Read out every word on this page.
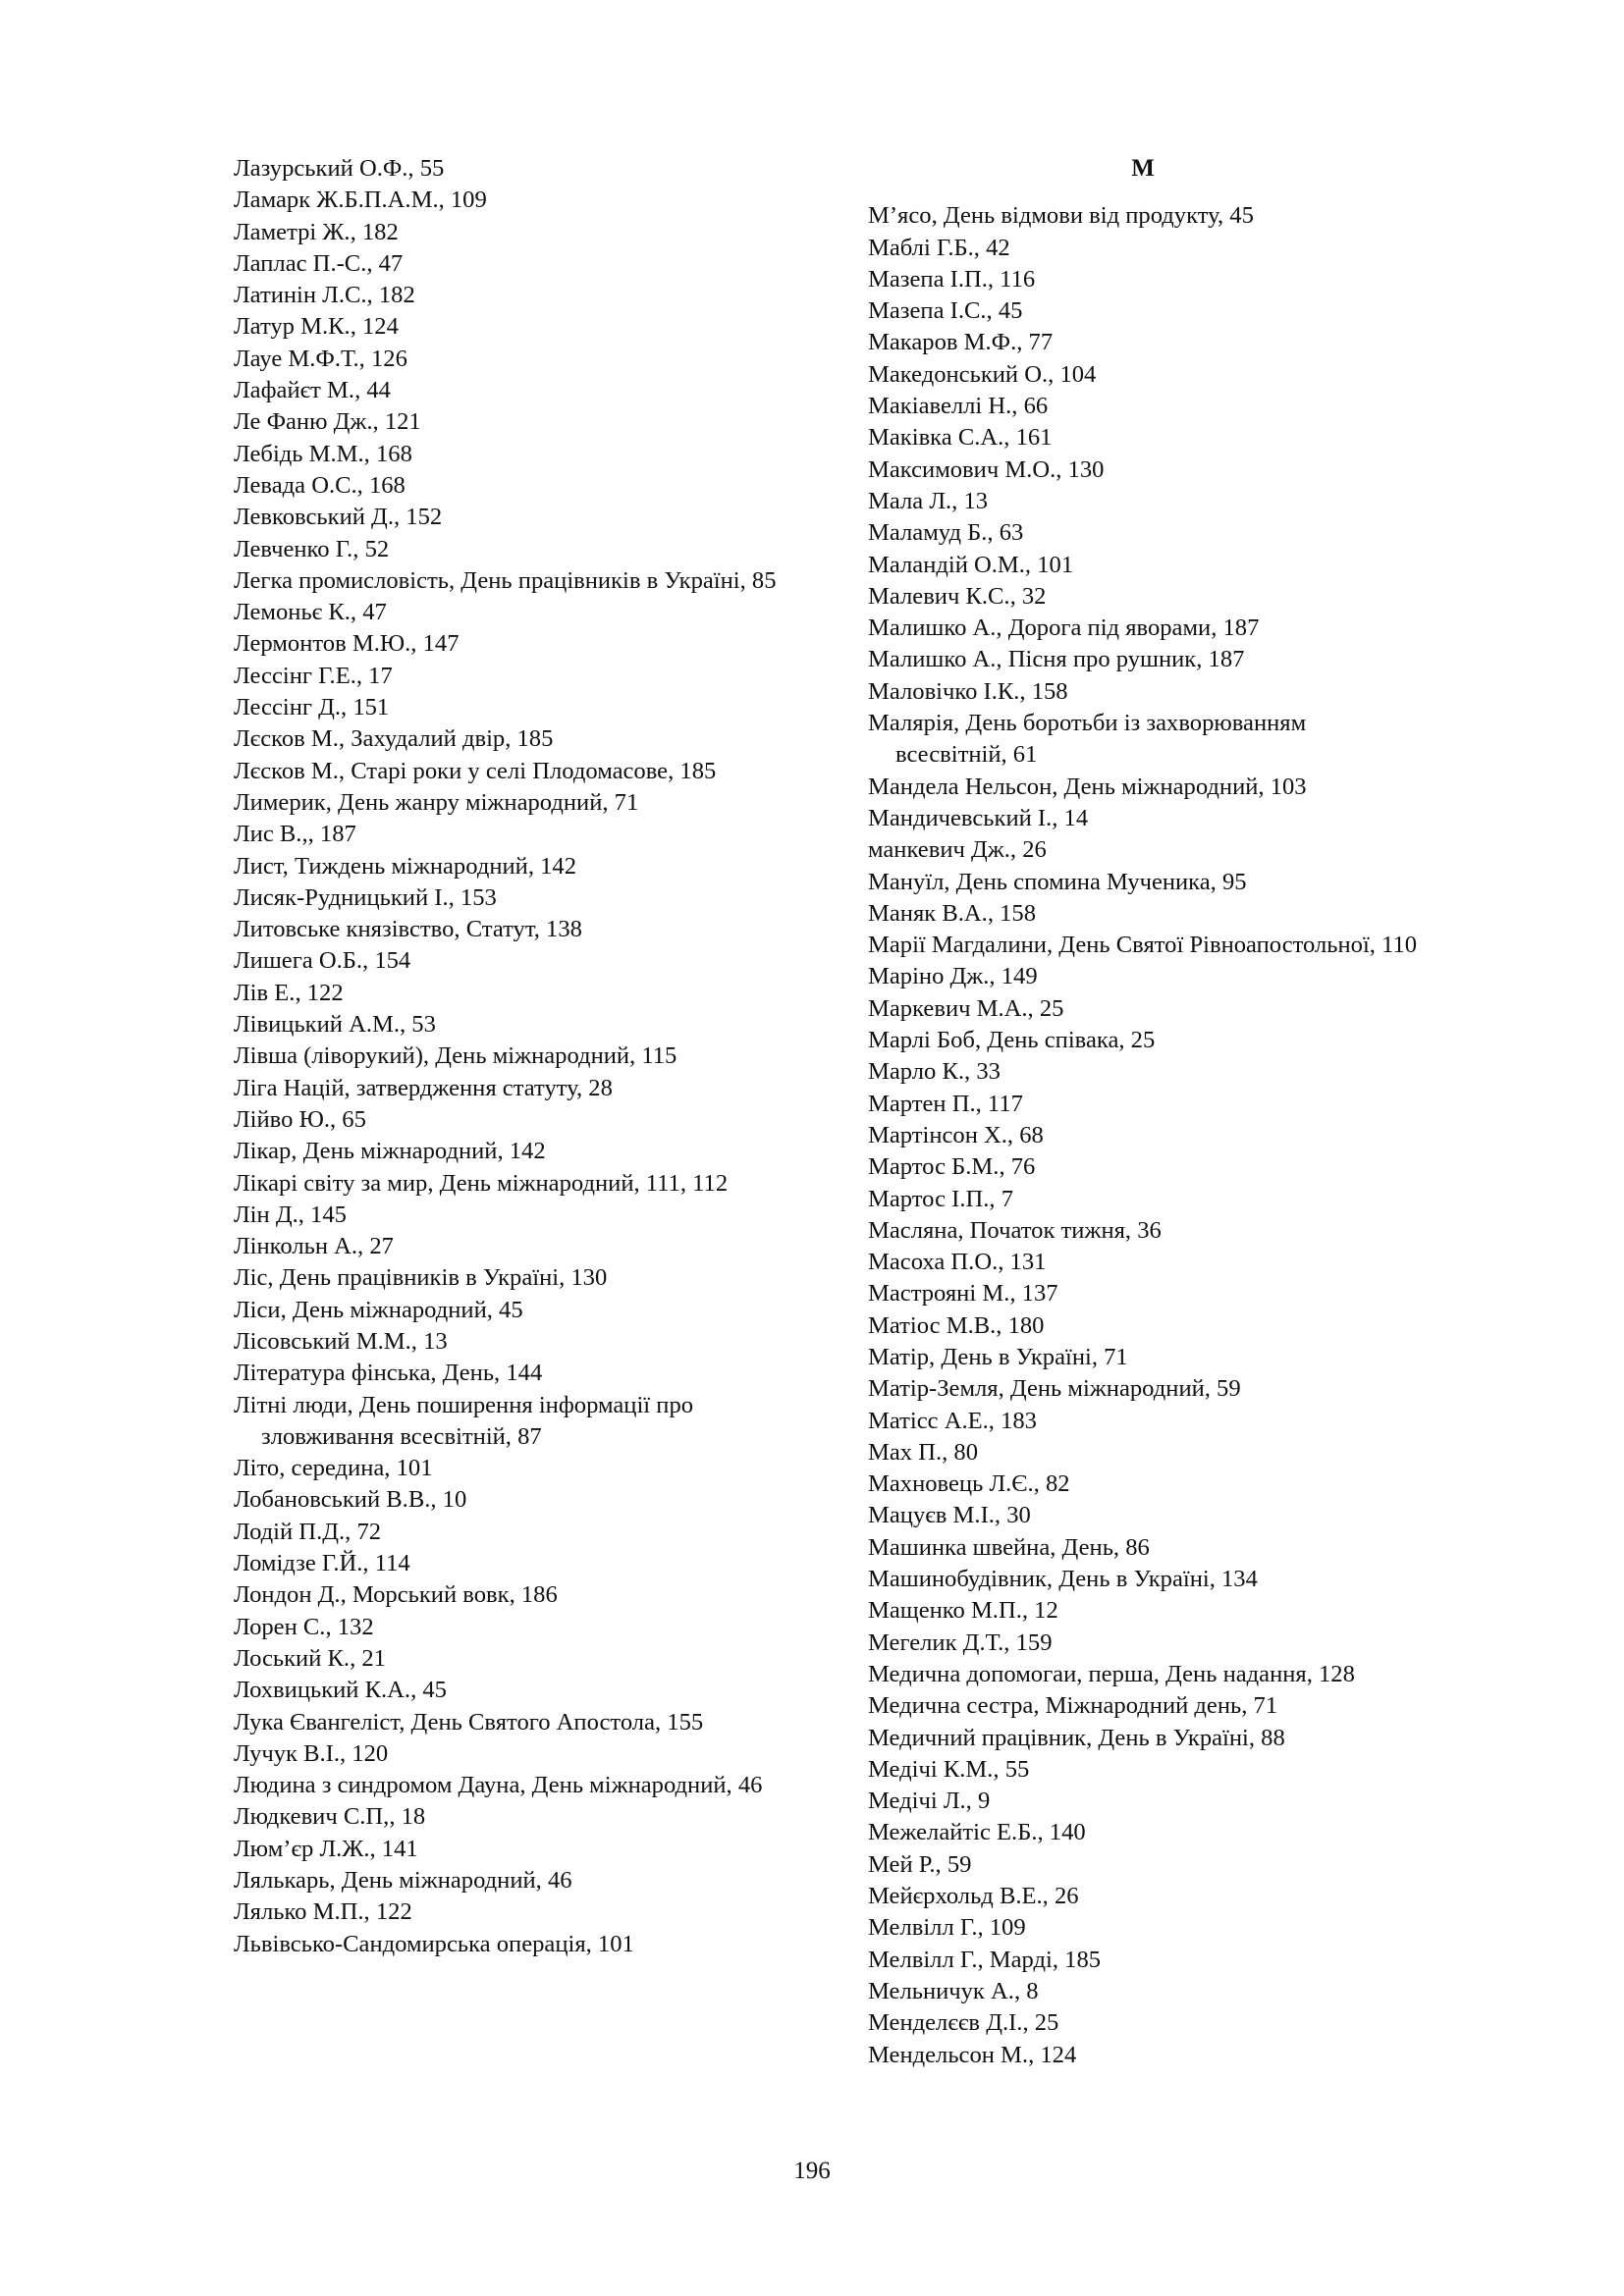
Лазурський О.Ф., 55

Ламарк Ж.Б.П.А.М., 109

Ламетрі Ж., 182

Лаплас П.-С., 47

Латинін Л.С., 182

Латур М.К., 124

Лауе М.Ф.Т., 126

Лафайєт М., 44

Ле Фаню Дж., 121

Лебідь М.М., 168

Левада О.С., 168

Левковський Д., 152

Левченко Г., 52

Легка промисловість, День працівників в Україні, 85

Лемоньє К., 47

Лермонтов М.Ю., 147

Лессінг Г.Е., 17

Лессінг Д., 151

Лєсков М., Захудалий двір, 185

Лєсков М., Старі роки у селі Плодомасове, 185

Лимерик, День жанру міжнародний, 71

Лис В.,, 187

Лист, Тиждень міжнародний, 142

Лисяк-Рудницький І., 153

Литовське князівство, Статут, 138

Лишега О.Б., 154

Лів Е., 122

Лівицький А.М., 53

Лівша (ліворукий), День міжнародний, 115

Ліга Націй, затвердження статуту, 28

Лійво Ю., 65

Лікар, День міжнародний, 142

Лікарі світу за мир, День міжнародний, 111, 112

Лін Д., 145

Лінкольн А., 27

Ліс, День працівників в Україні, 130

Ліси, День міжнародний, 45

Лісовський М.М., 13

Література фінська, День, 144

Літні люди, День поширення інформації про зловживання всесвітній, 87

Літо, середина, 101

Лобановський В.В., 10

Лодій П.Д., 72

Ломідзе Г.Й., 114

Лондон Д., Морський вовк, 186

Лорен С., 132

Лоський К., 21

Лохвицький К.А., 45

Лука Євангеліст, День Святого Апостола, 155

Лучук В.І., 120

Людина з синдромом Дауна, День міжнародний, 46

Людкевич С.П,, 18

Люм’єр Л.Ж., 141

Лялькарь, День міжнародний, 46

Лялько М.П., 122

Львівсько-Сандомирська операція, 101

М

М’ясо, День відмови від продукту, 45

Маблі Г.Б., 42

Мазепа І.П., 116

Мазепа І.С., 45

Макаров М.Ф., 77

Македонський О., 104

Макіавеллі Н., 66

Маківка С.А., 161

Максимович М.О., 130

Мала Л., 13

Маламуд Б., 63

Маландій О.М., 101

Малевич К.С., 32

Малишко А., Дорога під яворами, 187

Малишко А., Пісня про рушник, 187

Маловічко І.К., 158

Малярія, День боротьби із захворюванням всесвітній, 61

Мандела Нельсон, День міжнародний, 103

Мандичевський І., 14

манкевич Дж., 26

Мануїл, День спомина Мученика, 95

Маняк В.А., 158

Марії Магдалини, День Святої Рівноапостольної, 110

Маріно Дж., 149

Маркевич М.А., 25

Марлі Боб, День співака, 25

Марло К., 33

Мартен П., 117

Мартінсон Х., 68

Мартос Б.М., 76

Мартос І.П., 7

Масляна, Початок тижня, 36

Масоха П.О., 131

Мастрояні М., 137

Матіос М.В., 180

Матір, День в Україні, 71

Матір-Земля, День міжнародний, 59

Матісс А.Е., 183

Мах П., 80

Махновець Л.Є., 82

Мацуєв М.І., 30

Машинка швейна, День, 86

Машинобудівник, День в Україні, 134

Мащенко М.П., 12

Мегелик Д.Т., 159

Медична допомогаи, перша, День надання, 128

Медична сестра, Міжнародний день, 71

Медичний працівник, День в Україні, 88

Медічі К.М., 55

Медічі Л., 9

Межелайтіс Е.Б., 140

Мей Р., 59

Мейєрхольд В.Е., 26

Мелвілл Г., 109

Мелвілл Г., Марді, 185

Мельничук А., 8

Менделєєв Д.І., 25

Мендельсон М., 124

196
